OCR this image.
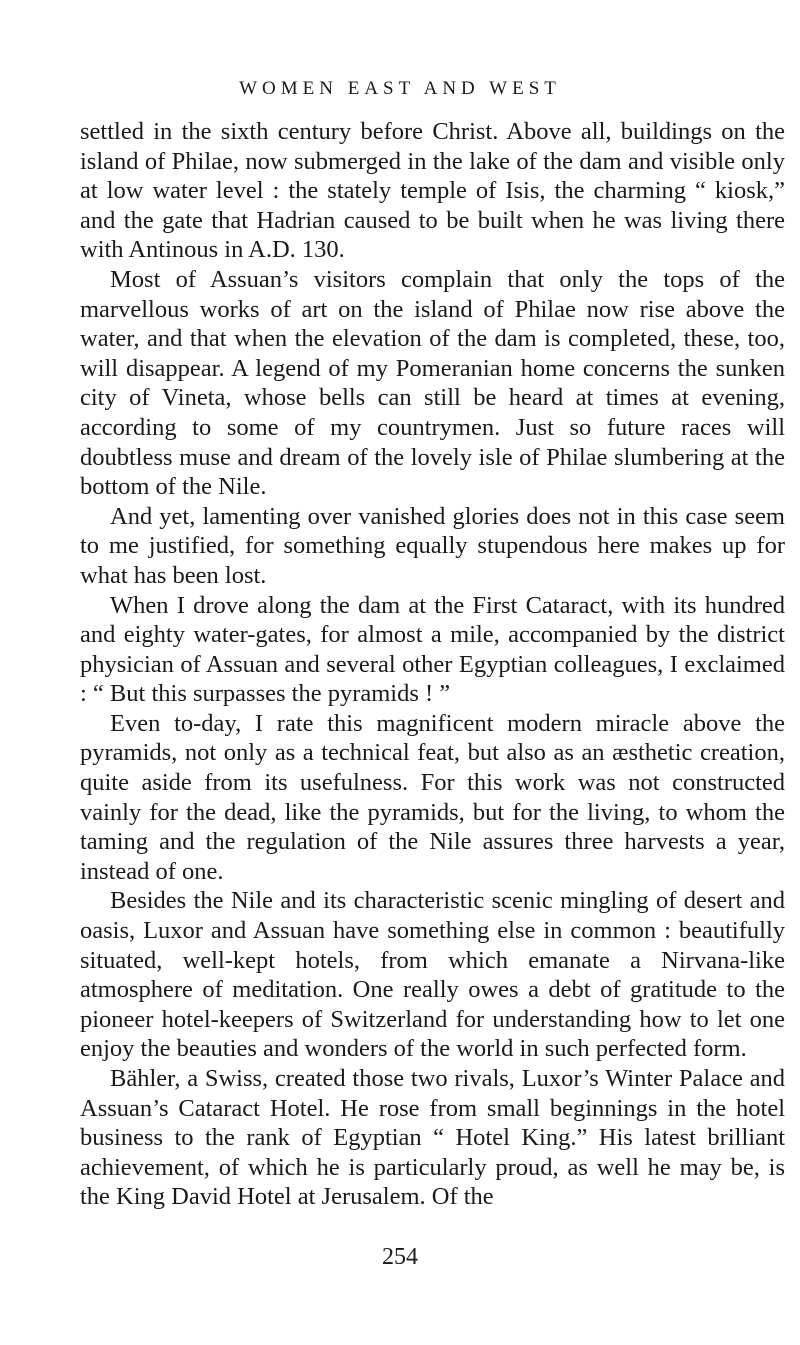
WOMEN EAST AND WEST

settled in the sixth century before Christ. Above all, buildings on the island of Philae, now submerged in the lake of the dam and visible only at low water level : the stately temple of Isis, the charming “ kiosk,” and the gate that Hadrian caused to be built when he was living there with Antinous in A.D. 130.

Most of Assuan’s visitors complain that only the tops of the marvellous works of art on the island of Philae now rise above the water, and that when the elevation of the dam is completed, these, too, will disappear. A legend of my Pomeranian home concerns the sunken city of Vineta, whose bells can still be heard at times at evening, according to some of my countrymen. Just so future races will doubtless muse and dream of the lovely isle of Philae slumbering at the bottom of the Nile.

And yet, lamenting over vanished glories does not in this case seem to me justified, for something equally stupendous here makes up for what has been lost.

When I drove along the dam at the First Cataract, with its hundred and eighty water-gates, for almost a mile, accompanied by the district physician of Assuan and several other Egyptian colleagues, I exclaimed : “ But this surpasses the pyramids ! ”

Even to-day, I rate this magnificent modern miracle above the pyramids, not only as a technical feat, but also as an æsthetic creation, quite aside from its usefulness. For this work was not constructed vainly for the dead, like the pyramids, but for the living, to whom the taming and the regulation of the Nile assures three harvests a year, instead of one.

Besides the Nile and its characteristic scenic mingling of desert and oasis, Luxor and Assuan have something else in common : beautifully situated, well-kept hotels, from which emanate a Nirvana-like atmosphere of meditation. One really owes a debt of gratitude to the pioneer hotel-keepers of Switzerland for understanding how to let one enjoy the beauties and wonders of the world in such perfected form.

Bähler, a Swiss, created those two rivals, Luxor’s Winter Palace and Assuan’s Cataract Hotel. He rose from small beginnings in the hotel business to the rank of Egyptian “ Hotel King.” His latest brilliant achievement, of which he is particularly proud, as well he may be, is the King David Hotel at Jerusalem. Of the

254
